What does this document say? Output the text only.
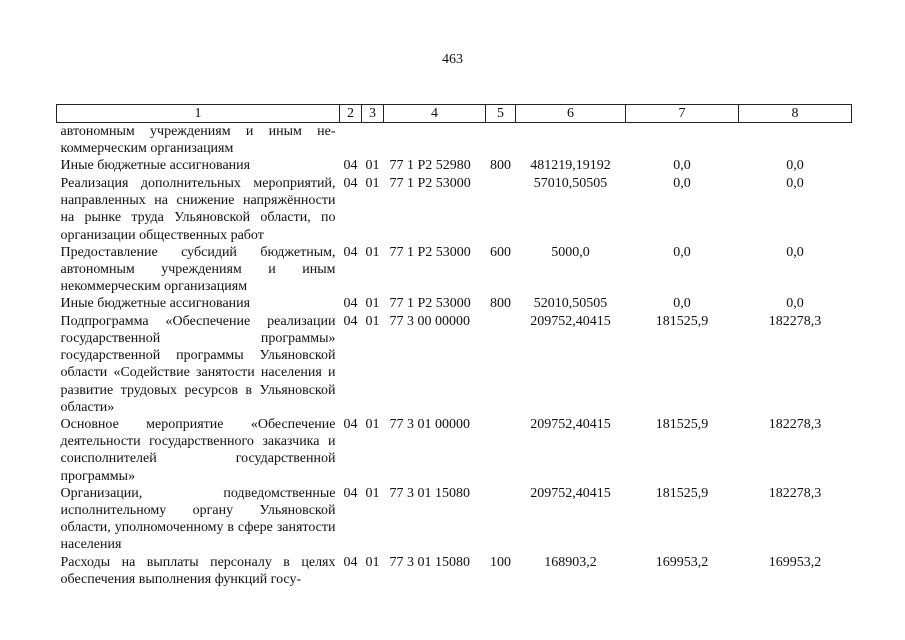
463
1	2	3	4	5	6	7	8
автономным учреждениям и иным не-коммерческим организациям							
Иные бюджетные ассигнования	04	01	77 1 P2 52980	800	481219,19192	0,0	0,0
Реализация дополнительных мероприятий, направленных на снижение напряжённости на рынке труда Ульяновской области, по организации общественных работ	04	01	77 1 P2 53000		57010,50505	0,0	0,0
Предоставление субсидий бюджетным, автономным учреждениям и иным некоммерческим организациям	04	01	77 1 P2 53000	600	5000,0	0,0	0,0
Иные бюджетные ассигнования	04	01	77 1 P2 53000	800	52010,50505	0,0	0,0
Подпрограмма «Обеспечение реализации государственной программы» государственной программы Ульяновской области «Содействие занятости населения и развитие трудовых ресурсов в Ульяновской области»	04	01	77 3 00 00000		209752,40415	181525,9	182278,3
Основное мероприятие «Обеспечение деятельности государственного заказчика и соисполнителей государственной программы»	04	01	77 3 01 00000		209752,40415	181525,9	182278,3
Организации, подведомственные исполнительному органу Ульяновской области, уполномоченному в сфере занятости населения	04	01	77 3 01 15080		209752,40415	181525,9	182278,3
Расходы на выплаты персоналу в целях обеспечения выполнения функций госу-	04	01	77 3 01 15080	100	168903,2	169953,2	169953,2
